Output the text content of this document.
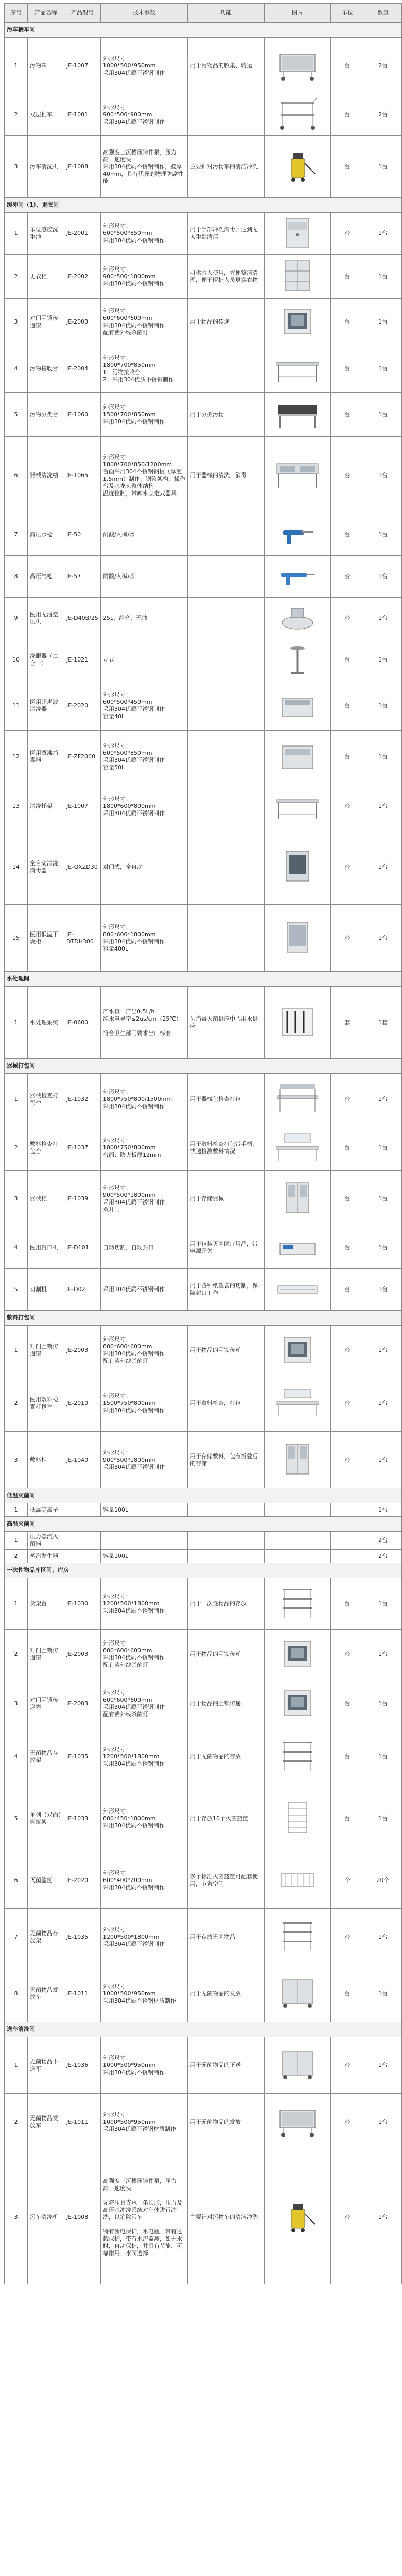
序号	产品名称	产品型号	技术参数	功能	图片	单位	数量
污车辆车间							
1	污物车	JE-1007	外形尺寸：
1000*500*950mm
采用304优质不锈钢制作	用于污物品的收集、转运		台	2台
2	双层推车	JE-1001	外形尺寸：
900*500*900mm
采用304优质不锈钢制作			台	2台
3	污车清洗机	JE-1008	高强度三沉槽压铸件泵，压力高、速度快
采用304优质不锈钢制作，壁厚40mm，具有优异的物理防腐性能	主要针对污物车的清洁冲洗		台	1台
缓冲间（1）、更衣间							
1	单位感应洗手池	JE-2001	外形尺寸：
600*500*850mm
采用304优质不锈钢制作	用于手部冲洗消毒，达到无人手部清洁		台	1台
2	更衣柜	JE-2002	外形尺寸：
900*500*1800mm
采用304优质不锈钢制作	可供六人使用，方便整洁清理，便于医护人员更换衣物		台	1台
3	对门互锁传递窗	JE-2003	外形尺寸：
600*600*600mm
采用304优质不锈钢制作
配有紫外线杀菌灯	用于物品的传递		台	1台
4	污物接收台	JE-2004	外形尺寸：
1800*700*850mm
1、污物接收台
2、采用304优质不锈钢制作			台	1台
5	污物分类台	JE-1060	外形尺寸：
1500*700*850mm
采用304优质不锈钢制作	用于分拣污物		台	1台
6	器械清洗槽	JE-1065	外形尺寸：
1800*700*850/1200mm
台面采用304不锈钢钢板（厚度1.5mm）制作，钢管架构、操作台及水龙头整体结构
温度控制，带卸水立定式器具	用于器械的清洗、消毒		台	1台
7	高压水枪	JE-50	耐酸/入碱/水			台	1台
8	高压气枪	JE-57	耐酸/入碱/水			台	1台
9	医用无油空压机	JE-D40B/25	25L，静音，无油			台	1台
10	洗眼器（二合一）	JE-1021	立式			台	1台
11	医用超声波清洗器	JE-2020	外形尺寸：
600*500*450mm
采用304优质不锈钢制作
容量40L			台	1台
12	医用煮沸消毒器	JE-ZF2000	外形尺寸：
600*500*850mm
采用304优质不锈钢制作
容量50L			台	1台
13	清洗托架	JE-1007	外形尺寸：
1800*600*800mm
采用304优质不锈钢制作			台	1台
14	全自动清洗消毒器	JE-QXZD30	对门式，全自动			台	1台
15	医用低温干燥柜	JE-DTDH300	外形尺寸：
800*600*1800mm
采用304优质不锈钢制作
容量400L			台	1台
水处理间							
1	水处理系统	JE-0600	产水量：产出0.5L/h
纯水电导率≤2us/cm（25℃）
符合卫生部门要求出厂标准	为消毒灭菌供应中心用水供应		套	1套
器械打包间							
1	器械检查打包台	JE-1032	外形尺寸：
1800*750*800/1500mm
采用304优质不锈钢制作	用于器械包检查打包		台	1台
2	敷料检查打包台	JE-1037	外形尺寸：
1800*750*800mm
台面：防火板厚12mm	用于敷料检查打包带手柄，快速检测敷料情况		台	1台
3	器械柜	JE-1039	外形尺寸：
900*500*1800mm
采用304优质不锈钢制作
双开门	用于存储器械		台	1台
4	医用封口机	JE-D101	自动切割，自动封口	用于包装灭菌医疗用品，带电源开关		台	1台
5	切割机	JE-D02	采用304优质不锈钢制作	用于各种纸塑袋的切割，保障封口工作		台	1台
敷料打包间							
1	对门互锁传递窗	JE-2003	外形尺寸：
600*600*600mm
采用304优质不锈钢制作
配有紫外线杀菌灯	用于物品的互锁传递		台	1台
2	医用敷料检查打包台	JE-2010	外形尺寸：
1500*750*800mm
采用304优质不锈钢制作	用于敷料检查，打包		台	1台
3	敷料柜	JE-1040	外形尺寸：
900*500*1800mm
采用304优质不锈钢制作	用于存储敷料，包布折叠后的存储		台	1台
低温灭菌间							
1	低温等离子		容量100L				1台
高温灭菌间							
1	压力蒸汽灭菌器						2台
2	蒸汽发生器		容量100L				2台
一次性物品库区间、库房							
1	货架台	JE-1030	外形尺寸：
1200*500*1800mm
采用304优质不锈钢制作	用于一次性物品的存放		台	1台
2	对门互锁传递窗	JE-2003	外形尺寸：
600*600*600mm
采用304优质不锈钢制作
配有紫外线杀菌灯	用于物品的互锁传递		台	1台
3	对门互锁传递窗	JE-2003	外形尺寸：
600*600*600mm
采用304优质不锈钢制作
配有紫外线杀菌灯	用于物品的互锁传递		台	1台
4	无菌物品存放架	JE-1035	外形尺寸：
1200*500*1800mm
采用304优质不锈钢制作	用于无菌物品的存放		台	1台
5	单列（双面）篮筐架	JE-1033	外形尺寸：
600*450*1800mm
采用304优质不锈钢制作	用于存放10个灭菌篮筐		台	1台
6	灭菌篮筐	JE-2020	外形尺寸：
600*400*200mm
采用304优质不锈钢制作	多个标准灭菌篮筐可配套使用，节省空间		个	20个
7	无菌物品存放架	JE-1035	外形尺寸：
1200*500*1800mm
采用304优质不锈钢制作	用于存放无菌物品		台	1台
8	无菌物品发放车	JE-1011	外形尺寸：
1000*500*950mm
采用304优质不锈钢材质制作	用于无菌物品的发放		台	1台
送车清洗间							
1	无菌物品下送车	JE-1036	外形尺寸：
1000*500*950mm
采用304优质不锈钢制作	用于无菌物品的下送		台	1台
2	无菌物品发放车	JE-1011	外形尺寸：
1000*500*950mm
采用304优质不锈钢材质制作	用于无菌物品的发放		台	1台
3	污车清洗机	JE-1008	高强度三沉槽压铸件泵，压力高、速度快
先将压具支承一条长形，压力及高压水冲洗系统对车体进行冲洗，以消除污车
特有断电保护，水电瓶、带有过载保护，带有水流监测，如无水时，自动保护，并具有节能、可靠耐用、水阀选择	主要针对污物车的清洁冲洗		台	1台
